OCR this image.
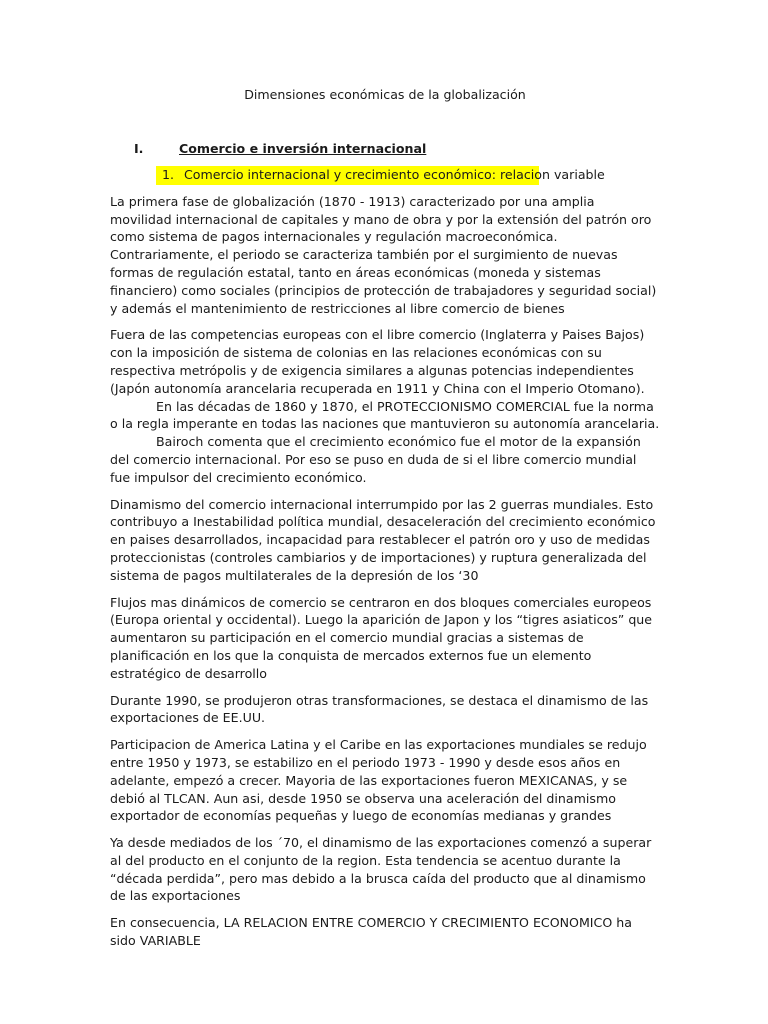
Dimensiones económicas de la globalización
I.	Comercio e inversión internacional
1. Comercio internacional y crecimiento económico: relacion variable

La primera fase de globalización (1870 - 1913) caracterizado por una amplia movilidad internacional de capitales y mano de obra y por la extensión del patrón oro como sistema de pagos internacionales y regulación macroeconómica. Contrariamente, el periodo se caracteriza también por el surgimiento de nuevas formas de regulación estatal, tanto en áreas económicas (moneda y sistemas financiero) como sociales (principios de protección de trabajadores y seguridad social) y además el mantenimiento de restricciones al libre comercio de bienes

Fuera de las competencias europeas con el libre comercio (Inglaterra y Paises Bajos) con la imposición de sistema de colonias en las relaciones económicas con su respectiva metrópolis y de exigencia similares a algunas potencias independientes (Japón autonomía arancelaria recuperada en 1911 y China con el Imperio Otomano).

En las décadas de 1860 y 1870, el PROTECCIONISMO COMERCIAL fue la norma o la regla imperante en todas las naciones que mantuvieron su autonomía arancelaria.

Bairoch comenta que el crecimiento económico fue el motor de la expansión del comercio internacional. Por eso se puso en duda de si el libre comercio mundial fue impulsor del crecimiento económico.

Dinamismo del comercio internacional interrumpido por las 2 guerras mundiales. Esto contribuyo a Inestabilidad política mundial, desaceleración del crecimiento económico en paises desarrollados, incapacidad para restablecer el patrón oro y uso de medidas proteccionistas (controles cambiarios y de importaciones) y ruptura generalizada del sistema de pagos multilaterales de la depresión de los ‘30

Flujos mas dinámicos de comercio se centraron en dos bloques comerciales europeos (Europa oriental y occidental). Luego la aparición de Japon y los “tigres asiaticos” que aumentaron su participación en el comercio mundial gracias a sistemas de planificación en los que la conquista de mercados externos fue un elemento estratégico de desarrollo

Durante 1990, se produjeron otras transformaciones, se destaca el dinamismo de las exportaciones de EE.UU.

Participacion de America Latina y el Caribe en las exportaciones mundiales se redujo entre 1950 y 1973, se estabilizo en el periodo 1973 - 1990 y desde esos años en adelante, empezó a crecer. Mayoria de las exportaciones fueron MEXICANAS, y se debió al TLCAN. Aun asi, desde 1950 se observa una aceleración del dinamismo exportador de economías pequeñas y luego de economías medianas y grandes

Ya desde mediados de los ´70, el dinamismo de las exportaciones comenzó a superar al del producto en el conjunto de la region. Esta tendencia se acentuo durante la “década perdida”, pero mas debido a la brusca caída del producto que al dinamismo de las exportaciones

En consecuencia, LA RELACION ENTRE COMERCIO Y CRECIMIENTO ECONOMICO ha sido VARIABLE
